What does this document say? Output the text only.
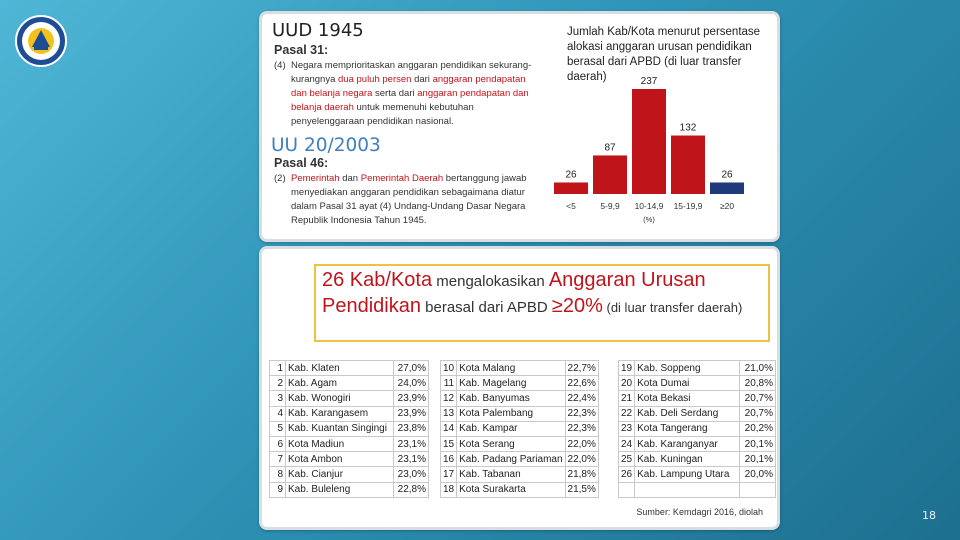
UUD 1945
Pasal 31:
(4) Negara memprioritaskan anggaran pendidikan sekurang-kurangnya dua puluh persen dari anggaran pendapatan dan belanja negara serta dari anggaran pendapatan dan belanja daerah untuk memenuhi kebutuhan penyelenggaraan pendidikan nasional.
UU 20/2003
Pasal 46:
(2) Pemerintah dan Pemerintah Daerah bertanggung jawab menyediakan anggaran pendidikan sebagaimana diatur dalam Pasal 31 ayat (4) Undang-Undang Dasar Negara Republik Indonesia Tahun 1945.
Jumlah Kab/Kota menurut persentase alokasi anggaran urusan pendidikan berasal dari APBD (di luar transfer daerah)
26
<5
87
5-9,9
237
10-14,9
132
15-19,9
26
≥20
(%)
26 Kab/Kota mengalokasikan Anggaran Urusan Pendidikan berasal dari APBD ≥20% (di luar transfer daerah)
1	Kab. Klaten	27,0%
2	Kab. Agam	24,0%
3	Kab. Wonogiri	23,9%
4	Kab. Karangasem	23,9%
5	Kab. Kuantan Singingi	23,8%
6	Kota Madiun	23,1%
7	Kota Ambon	23,1%
8	Kab. Cianjur	23,0%
9	Kab. Buleleng	22,8%
10	Kota Malang	22,7%
11	Kab. Magelang	22,6%
12	Kab. Banyumas	22,4%
13	Kota Palembang	22,3%
14	Kab. Kampar	22,3%
15	Kota Serang	22,0%
16	Kab. Padang Pariaman	22,0%
17	Kab. Tabanan	21,8%
18	Kota Surakarta	21,5%
19	Kab. Soppeng	21,0%
20	Kota Dumai	20,8%
21	Kota Bekasi	20,7%
22	Kab. Deli Serdang	20,7%
23	Kota Tangerang	20,2%
24	Kab. Karanganyar	20,1%
25	Kab. Kuningan	20,1%
26	Kab. Lampung Utara	20,0%

Sumber: Kemdagri 2016, diolah	18
